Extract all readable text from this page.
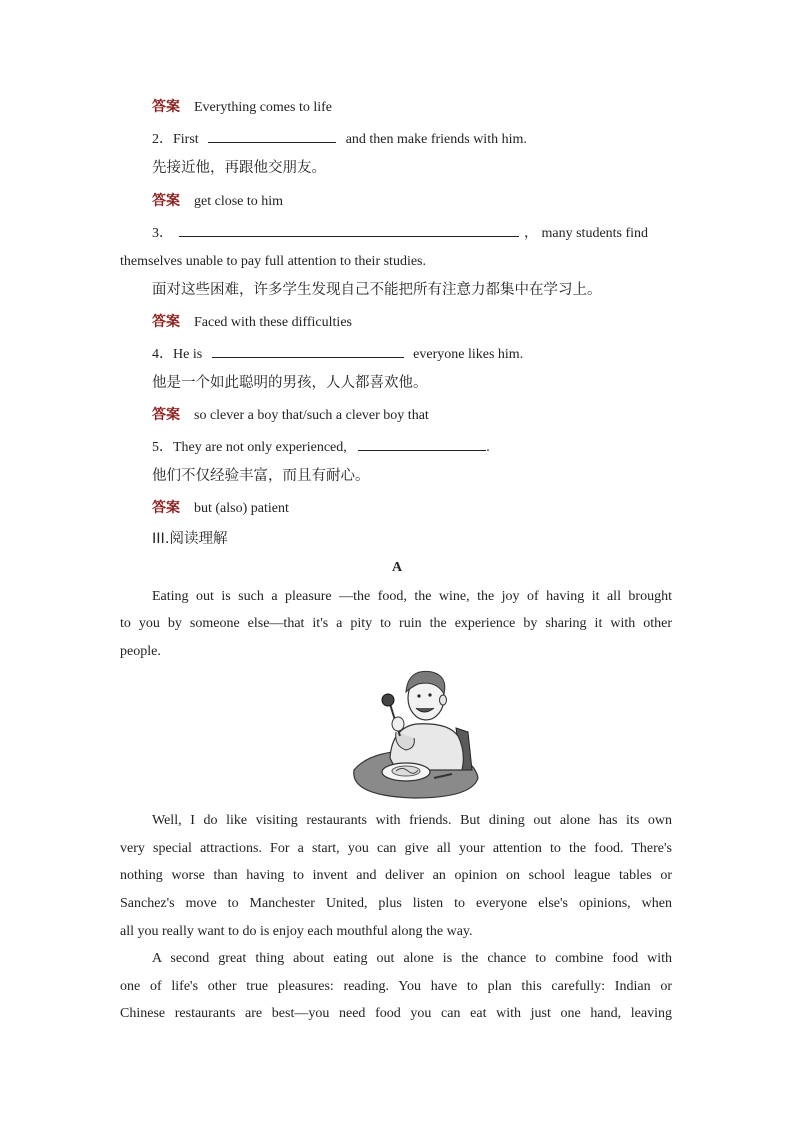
答案 Everything comes to life
2．First	and then make friends with him.
先接近他，再跟他交朋友。
答案 get close to him
3．	， many students find
themselves unable to pay full attention to their studies.
面对这些困难，许多学生发现自己不能把所有注意力都集中在学习上。
答案 Faced with these difficulties
4．He is	everyone likes him.
他是一个如此聪明的男孩，人人都喜欢他。
答案 so clever a boy that/such a clever boy that
5．They are not only experienced,	.
他们不仅经验丰富，而且有耐心。
答案 but (also) patient
III.阅读理解
A
Eating out is such a pleasure —the food, the wine, the joy of having it all brought
to you by someone else—that it's a pity to ruin the experience by sharing it with other
people.
Well, I do like visiting restaurants with friends. But dining out alone has its own
very special attractions. For a start, you can give all your attention to the food. There's
nothing worse than having to invent and deliver an opinion on school league tables or
Sanchez's move to Manchester United, plus listen to everyone else's opinions, when
all you really want to do is enjoy each mouthful along the way.
A second great thing about eating out alone is the chance to combine food with
one of life's other true pleasures: reading. You have to plan this carefully: Indian or
Chinese restaurants are best—you need food you can eat with just one hand, leaving
